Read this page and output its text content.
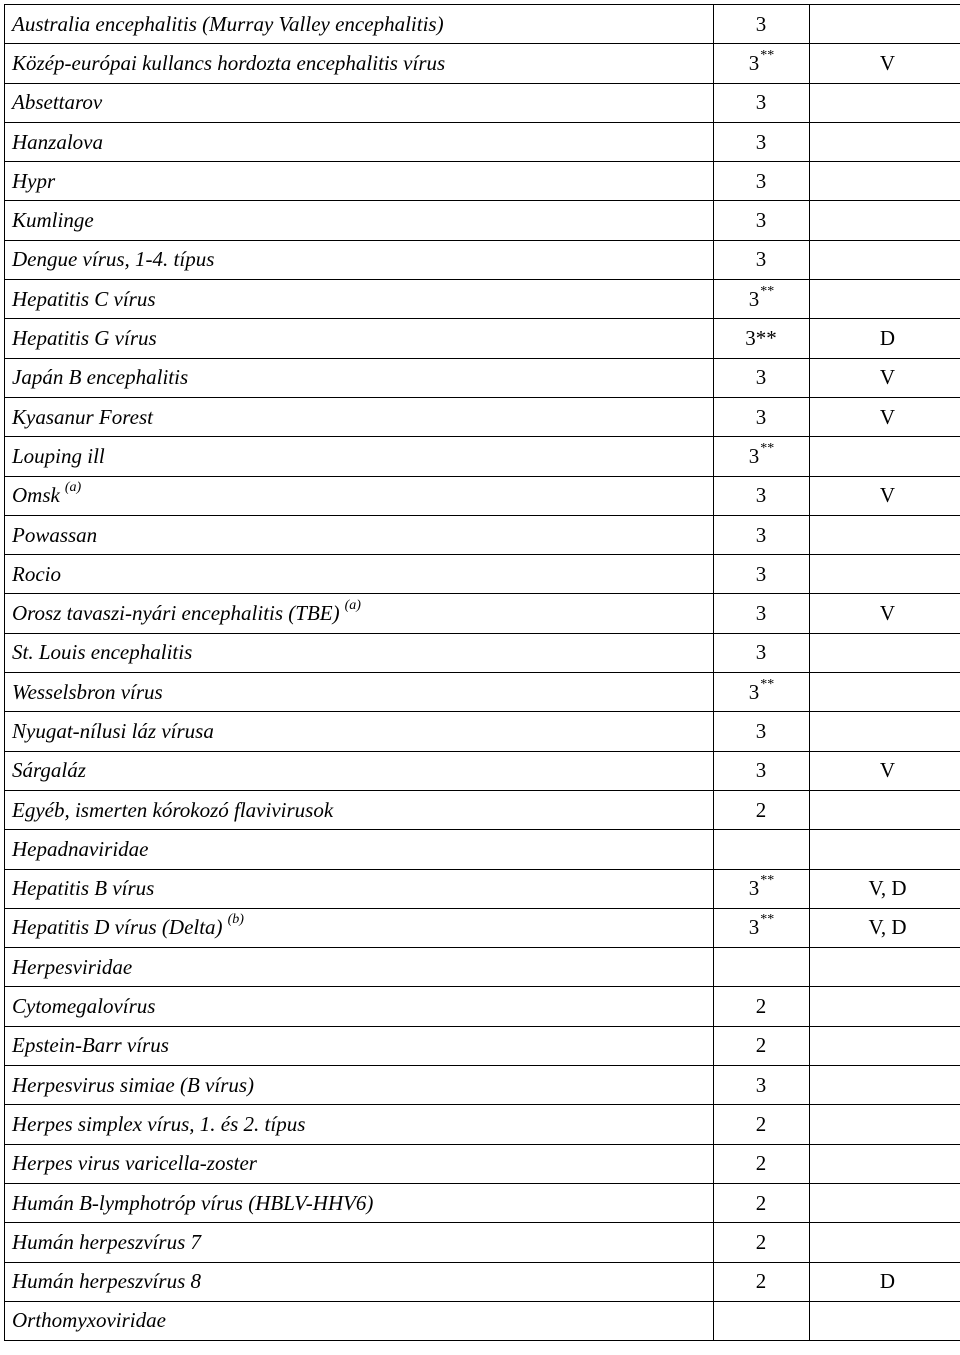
Australia encephalitis (Murray Valley encephalitis)	3	
Közép-európai kullancs hordozta encephalitis vírus	3**	V
Absettarov	3	
Hanzalova	3	
Hypr	3	
Kumlinge	3	
Dengue vírus, 1-4. típus	3	
Hepatitis C vírus	3**	
Hepatitis G vírus	3**	D
Japán B encephalitis	3	V
Kyasanur Forest	3	V
Louping ill	3**	
Omsk $^{(a)}$	3	V
Powassan	3	
Rocio	3	
Orosz tavaszi-nyári encephalitis (TBE) $^{(a)}$	3	V
St. Louis encephalitis	3	
Wesselsbron vírus	3**	
Nyugat-nílusi láz vírusa	3	
Sárgaláz	3	V
Egyéb, ismerten kórokozó flavivirusok	2	
Hepadnaviridae		
Hepatitis B vírus	3**	V, D
Hepatitis D vírus (Delta) $^{(b)}$	3**	V, D
Herpesviridae		
Cytomegalovírus	2	
Epstein-Barr vírus	2	
Herpesvirus simiae (B vírus)	3	
Herpes simplex vírus, 1. és 2. típus	2	
Herpes virus varicella-zoster	2	
Humán B-lymphotróp vírus (HBLV-HHV6)	2	
Humán herpeszvírus 7	2	
Humán herpeszvírus 8	2	D
Orthomyxoviridae		
